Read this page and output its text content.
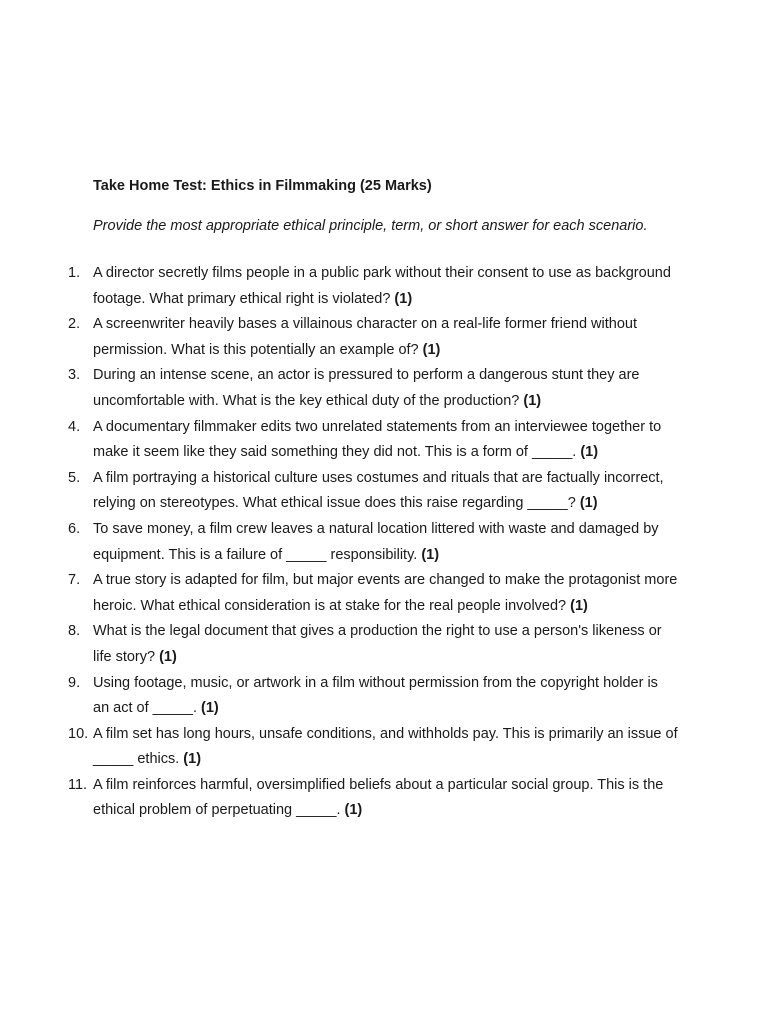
Take Home Test: Ethics in Filmmaking (25 Marks)
Provide the most appropriate ethical principle, term, or short answer for each scenario.
1. A director secretly films people in a public park without their consent to use as background footage. What primary ethical right is violated? (1)
2. A screenwriter heavily bases a villainous character on a real-life former friend without permission. What is this potentially an example of? (1)
3. During an intense scene, an actor is pressured to perform a dangerous stunt they are uncomfortable with. What is the key ethical duty of the production? (1)
4. A documentary filmmaker edits two unrelated statements from an interviewee together to make it seem like they said something they did not. This is a form of _____. (1)
5. A film portraying a historical culture uses costumes and rituals that are factually incorrect, relying on stereotypes. What ethical issue does this raise regarding _____? (1)
6. To save money, a film crew leaves a natural location littered with waste and damaged by equipment. This is a failure of _____ responsibility. (1)
7. A true story is adapted for film, but major events are changed to make the protagonist more heroic. What ethical consideration is at stake for the real people involved? (1)
8. What is the legal document that gives a production the right to use a person's likeness or life story? (1)
9. Using footage, music, or artwork in a film without permission from the copyright holder is an act of _____. (1)
10. A film set has long hours, unsafe conditions, and withholds pay. This is primarily an issue of _____ ethics. (1)
11. A film reinforces harmful, oversimplified beliefs about a particular social group. This is the ethical problem of perpetuating _____. (1)
